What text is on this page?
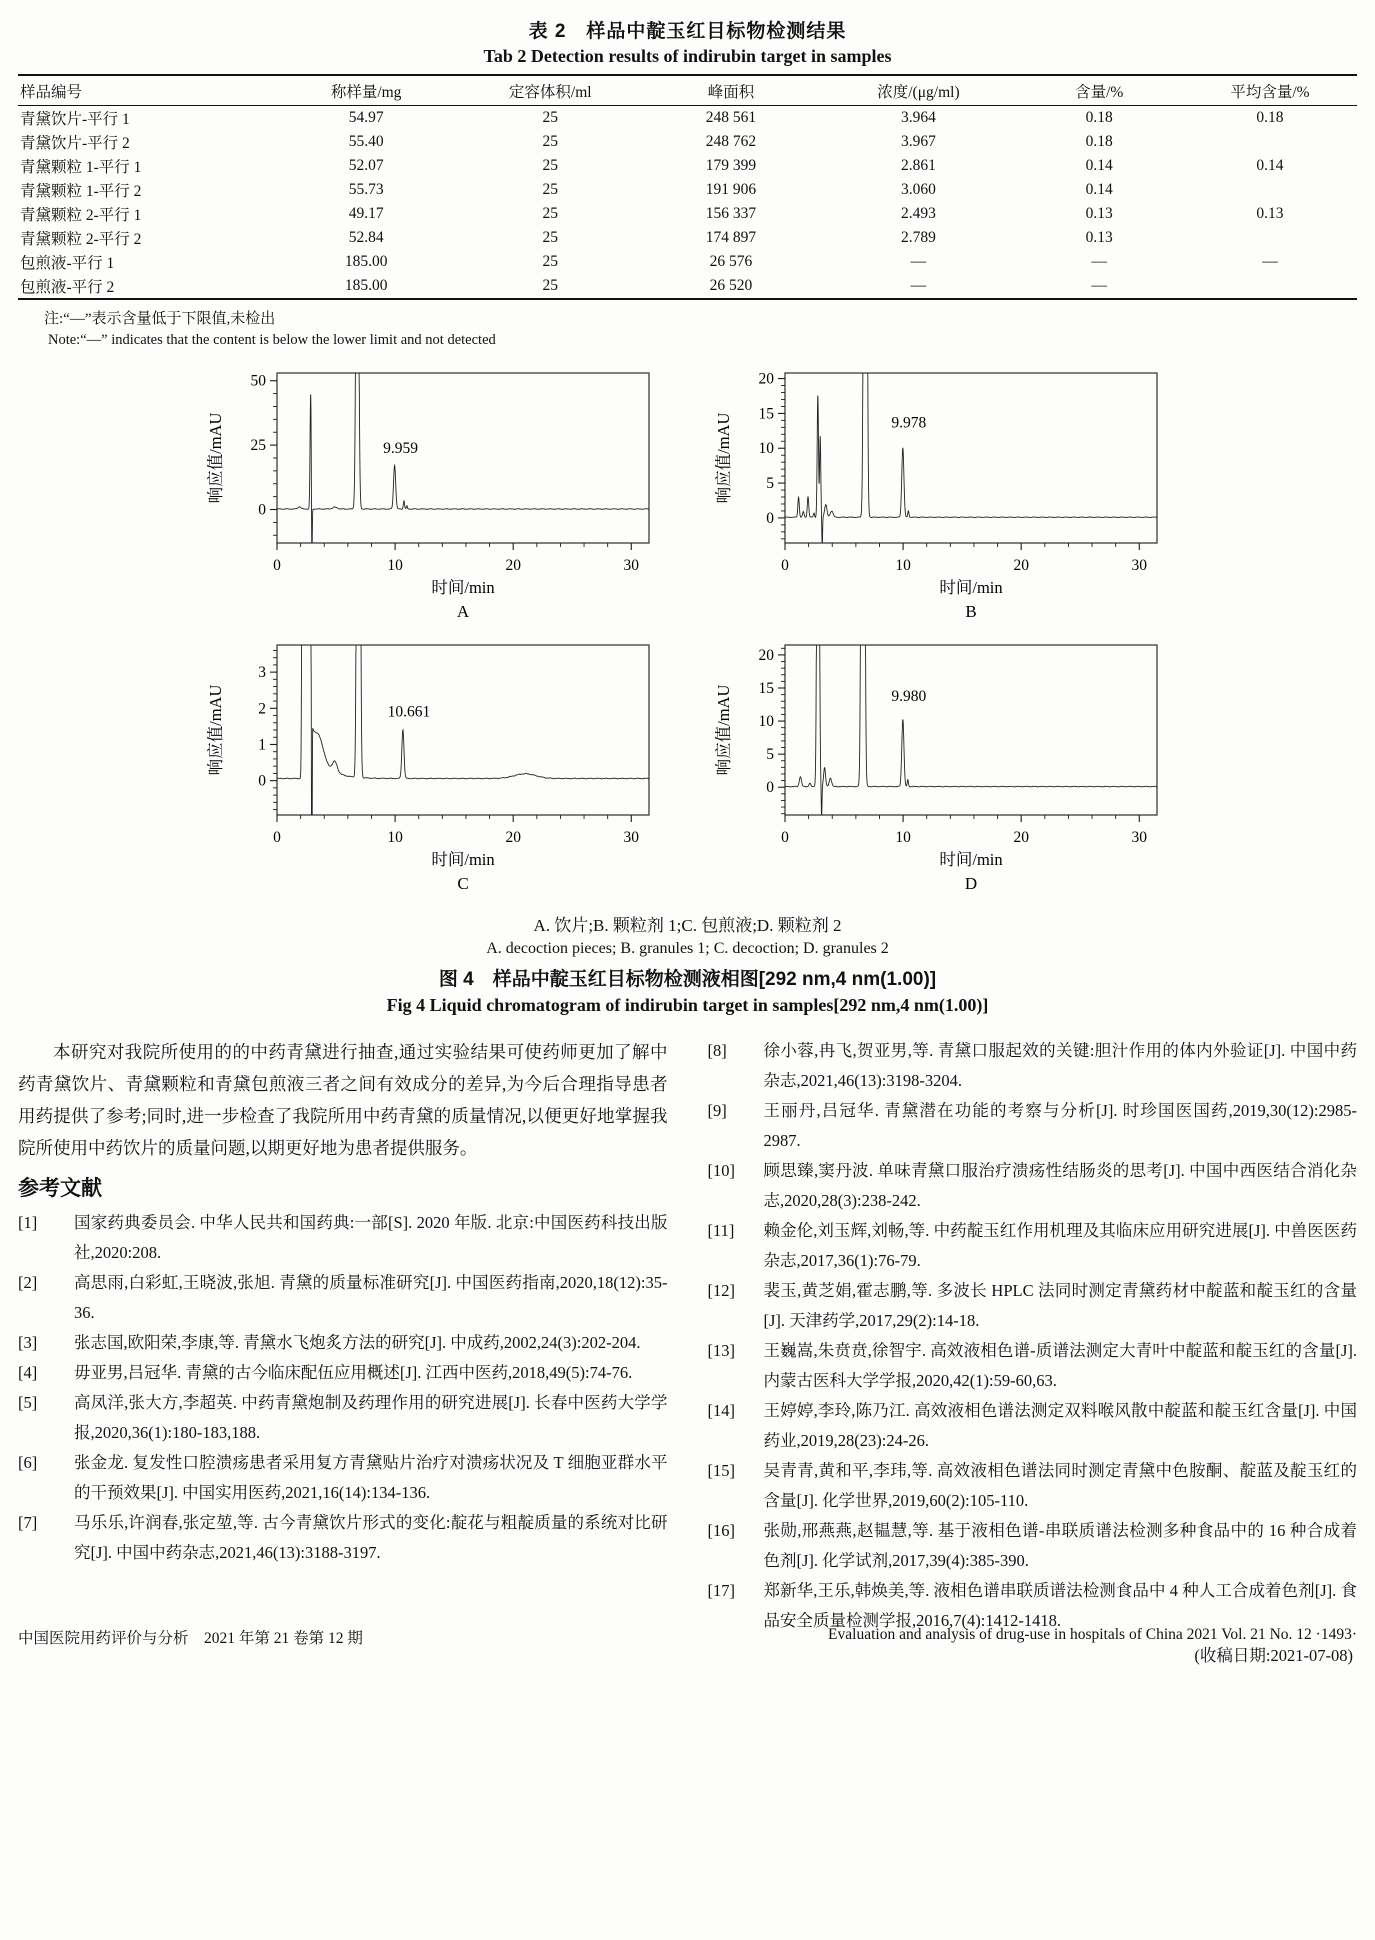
表 2　样品中靛玉红目标物检测结果
Tab 2 Detection results of indirubin target in samples
样品编号	称样量/mg	定容体积/ml	峰面积	浓度/(μg/ml)	含量/%	平均含量/%
青黛饮片-平行 1	54.97	25	248 561	3.964	0.18	0.18
青黛饮片-平行 2	55.40	25	248 762	3.967	0.18	
青黛颗粒 1-平行 1	52.07	25	179 399	2.861	0.14	0.14
青黛颗粒 1-平行 2	55.73	25	191 906	3.060	0.14	
青黛颗粒 2-平行 1	49.17	25	156 337	2.493	0.13	0.13
青黛颗粒 2-平行 2	52.84	25	174 897	2.789	0.13	
包煎液-平行 1	185.00	25	26 576	—	—	—
包煎液-平行 2	185.00	25	26 520	—	—	
注:“—”表示含量低于下限值,未检出
Note:“—” indicates that the content is below the lower limit and not detected
0
25
50
0	10	20	30
时间/min
响应值/mAU
A
9.959
0
5
10
15
20
0	10	20	30
时间/min
响应值/mAU
B
9.978
0
1
2
3
0	10	20	30
时间/min
响应值/mAU
C
10.661
0
5
10
15
20
0	10	20	30
时间/min
响应值/mAU
D
9.980
A. 饮片;B. 颗粒剂 1;C. 包煎液;D. 颗粒剂 2
A. decoction pieces; B. granules 1; C. decoction; D. granules 2
图 4　样品中靛玉红目标物检测液相图[292 nm,4 nm(1.00)]
Fig 4 Liquid chromatogram of indirubin target in samples[292 nm,4 nm(1.00)]
本研究对我院所使用的的中药青黛进行抽查,通过实验结果可使药师更加了解中药青黛饮片、青黛颗粒和青黛包煎液三者之间有效成分的差异,为今后合理指导患者用药提供了参考;同时,进一步检查了我院所用中药青黛的质量情况,以便更好地掌握我院所使用中药饮片的质量问题,以期更好地为患者提供服务。
参考文献
[1]	国家药典委员会. 中华人民共和国药典:一部[S]. 2020 年版. 北京:中国医药科技出版社,2020:208.
[2]	高思雨,白彩虹,王晓波,张旭. 青黛的质量标准研究[J]. 中国医药指南,2020,18(12):35-36.
[3]	张志国,欧阳荣,李康,等. 青黛水飞炮炙方法的研究[J]. 中成药,2002,24(3):202-204.
[4]	毋亚男,吕冠华. 青黛的古今临床配伍应用概述[J]. 江西中医药,2018,49(5):74-76.
[5]	高凤洋,张大方,李超英. 中药青黛炮制及药理作用的研究进展[J]. 长春中医药大学学报,2020,36(1):180-183,188.
[6]	张金龙. 复发性口腔溃疡患者采用复方青黛贴片治疗对溃疡状况及 T 细胞亚群水平的干预效果[J]. 中国实用医药,2021,16(14):134-136.
[7]	马乐乐,许润春,张定堃,等. 古今青黛饮片形式的变化:靛花与粗靛质量的系统对比研究[J]. 中国中药杂志,2021,46(13):3188-3197.
[8]	徐小蓉,冉飞,贺亚男,等. 青黛口服起效的关键:胆汁作用的体内外验证[J]. 中国中药杂志,2021,46(13):3198-3204.
[9]	王丽丹,吕冠华. 青黛潜在功能的考察与分析[J]. 时珍国医国药,2019,30(12):2985-2987.
[10]	顾思臻,窦丹波. 单味青黛口服治疗溃疡性结肠炎的思考[J]. 中国中西医结合消化杂志,2020,28(3):238-242.
[11]	赖金伦,刘玉辉,刘畅,等. 中药靛玉红作用机理及其临床应用研究进展[J]. 中兽医医药杂志,2017,36(1):76-79.
[12]	裴玉,黄芝娟,霍志鹏,等. 多波长 HPLC 法同时测定青黛药材中靛蓝和靛玉红的含量[J]. 天津药学,2017,29(2):14-18.
[13]	王巍嵩,朱贲贲,徐智宇. 高效液相色谱-质谱法测定大青叶中靛蓝和靛玉红的含量[J]. 内蒙古医科大学学报,2020,42(1):59-60,63.
[14]	王婷婷,李玲,陈乃江. 高效液相色谱法测定双料喉风散中靛蓝和靛玉红含量[J]. 中国药业,2019,28(23):24-26.
[15]	吴青青,黄和平,李玮,等. 高效液相色谱法同时测定青黛中色胺酮、靛蓝及靛玉红的含量[J]. 化学世界,2019,60(2):105-110.
[16]	张勋,邢燕燕,赵韫慧,等. 基于液相色谱-串联质谱法检测多种食品中的 16 种合成着色剂[J]. 化学试剂,2017,39(4):385-390.
[17]	郑新华,王乐,韩焕美,等. 液相色谱串联质谱法检测食品中 4 种人工合成着色剂[J]. 食品安全质量检测学报,2016,7(4):1412-1418.
(收稿日期:2021-07-08)
中国医院用药评价与分析　2021 年第 21 卷第 12 期	Evaluation and analysis of drug-use in hospitals of China 2021 Vol. 21 No. 12 ·1493·
